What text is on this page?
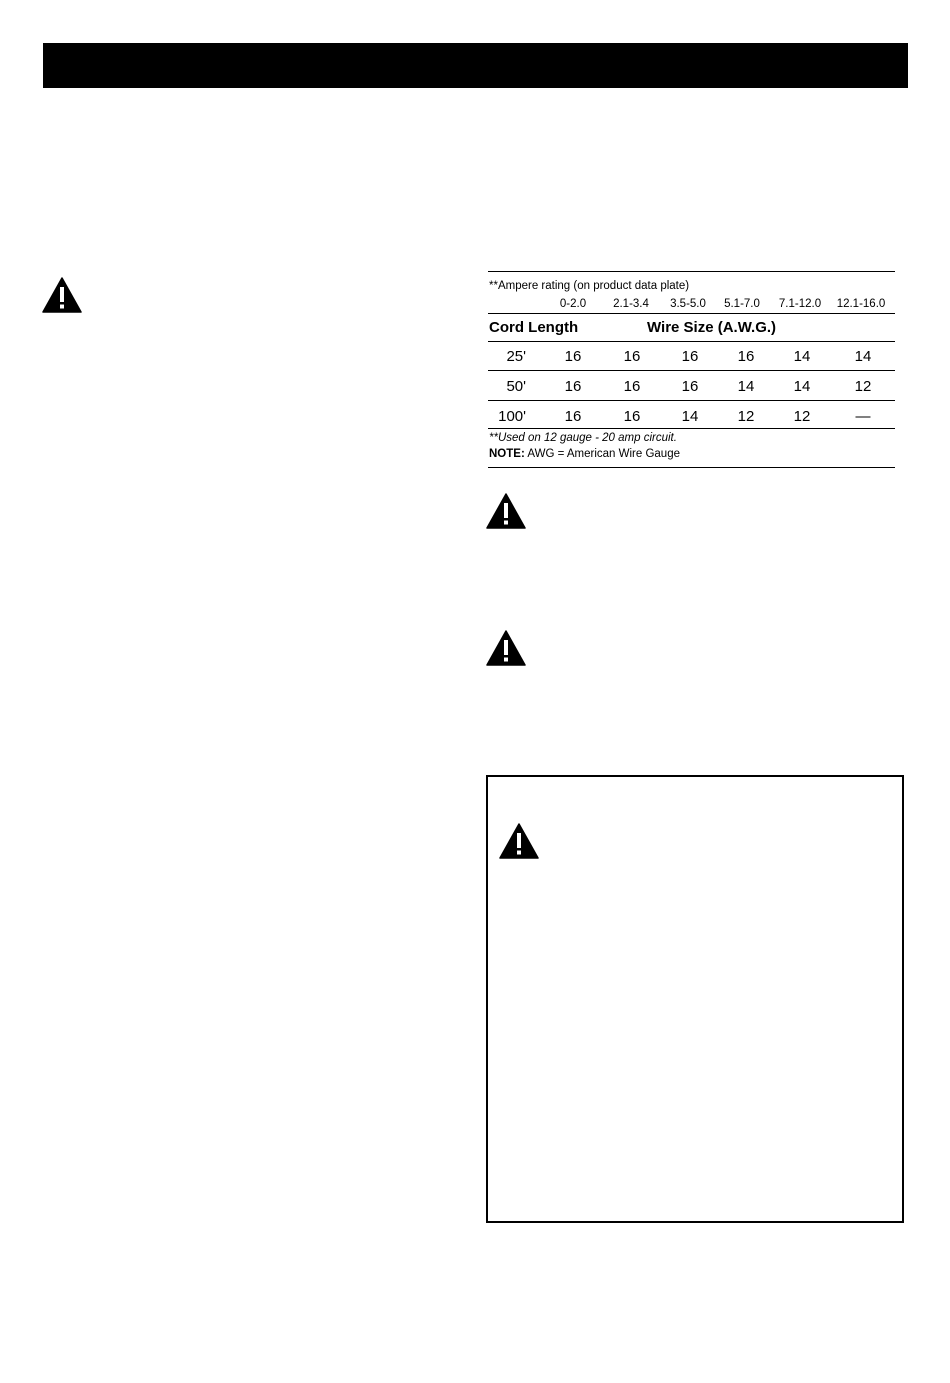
**Ampere rating (on product data plate)
0-2.0	2.1-3.4	3.5-5.0	5.1-7.0	7.1-12.0	12.1-16.0
Cord Length	Wire Size (A.W.G.)
25'	16	16	16	16	14	14
50'	16	16	16	14	14	12
100'	16	16	14	12	12	—
**Used on 12 gauge - 20 amp circuit.
NOTE: AWG = American Wire Gauge
